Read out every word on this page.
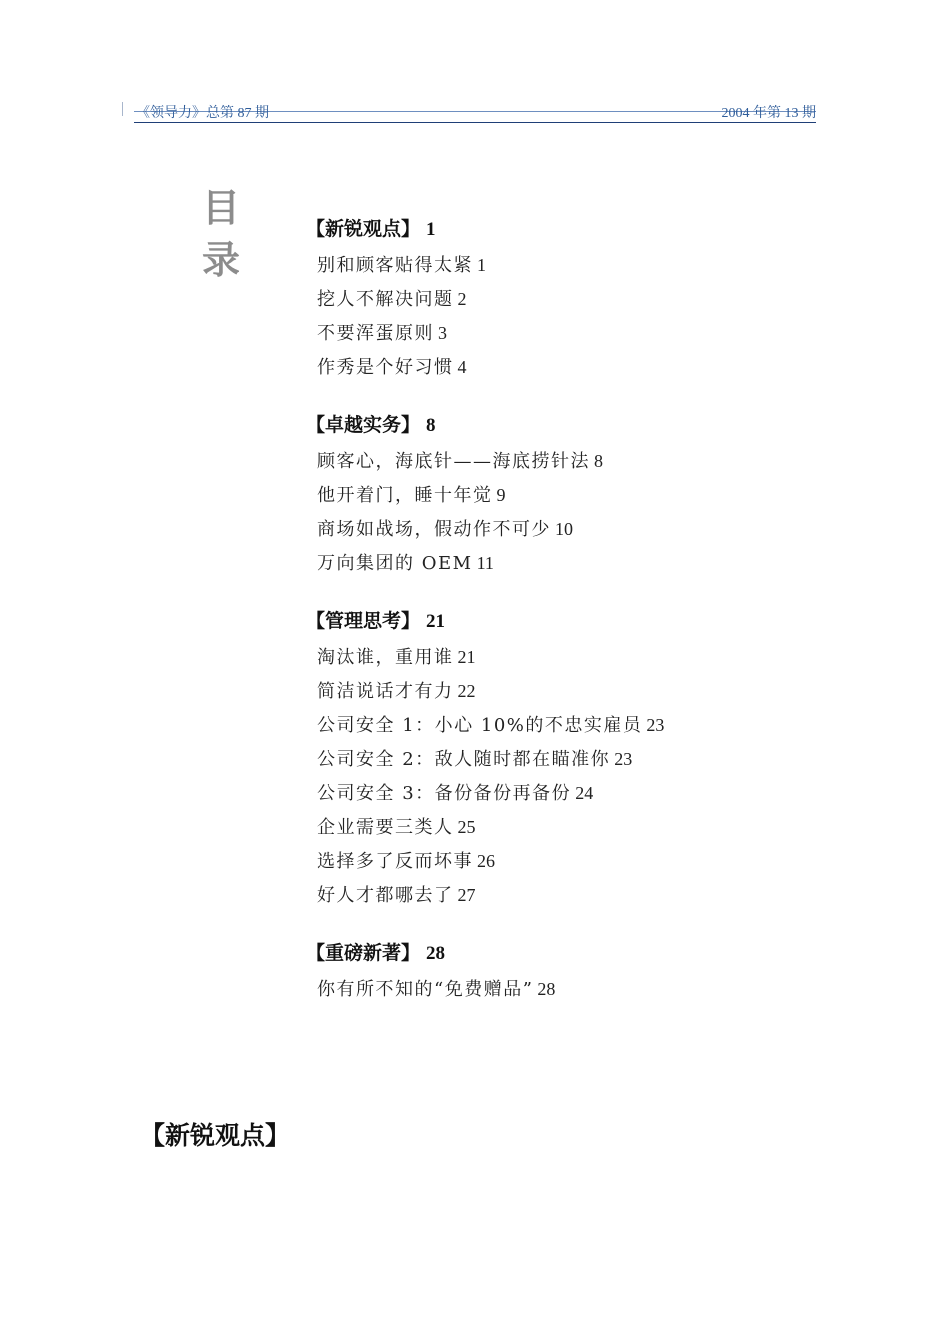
《领导力》总第 87 期	2004 年第 13 期
目
录
【新锐观点】 1
别和顾客贴得太紧 1
挖人不解决问题 2
不要浑蛋原则 3
作秀是个好习惯 4
【卓越实务】 8
顾客心，海底针——海底捞针法 8
他开着门，睡十年觉 9
商场如战场，假动作不可少 10
万向集团的 OEM 11
【管理思考】 21
淘汰谁，重用谁 21
简洁说话才有力 22
公司安全 1：小心 10%的不忠实雇员 23
公司安全 2：敌人随时都在瞄准你 23
公司安全 3：备份备份再备份 24
企业需要三类人 25
选择多了反而坏事 26
好人才都哪去了 27
【重磅新著】 28
你有所不知的“免费赠品” 28
【新锐观点】
